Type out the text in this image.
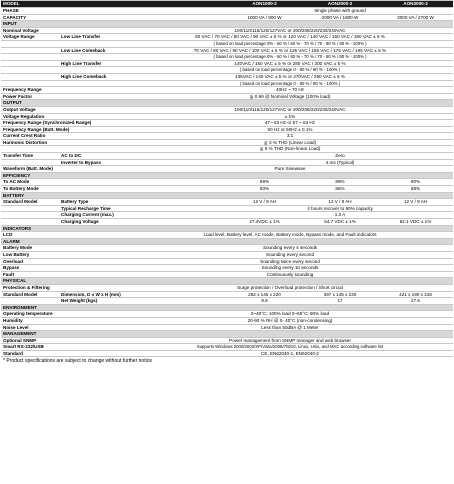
MODEL			AON1000-2	AON2000-2	AON3000-2
PHASE			Single phase with ground		
CAPACITY			1000 VA / 900 W	2000 VA / 1800 W	3000 VA / 2700 W
INPUT					
Nominal Voltage		100/110/115/120/127VAC or 200/208/220/230/240VAC			
Voltage Range	Low Line Transfer	60 VAC / 70 VAC / 80 VAC / 90 VAC ± 5 % or 120 VAC / 140 VAC / 160 VAC / 180 VAC ± 5 %			
		( based on load percentage 0% - 60 % / 60 % - 70 % / 70 - 80 % / 80 % - 100% )			
	Low Line Comeback	70 VAC / 80 VAC / 90 VAC / 100 VAC ± 5 % or 135 VAC / 155 VAC / 175 VAC / 195 VAC ± 5 %			
		( based on load percentage 0% - 60 % / 60 % - 70 % / 70 - 80 % / 80 % - 100% )			
	High Line Transfer	140VAC / 150 VAC ± 5 % or 280 VAC / 300 VAC ± 5 %			
		( based on load percentage 0 - 80 % / 80 % - 100% )			
	High Line Comeback	135VAC / 140 VAC ± 5 % or 270VAC / 290 VAC ± 5 %			
		( based on load percentage 0 - 80 % / 80 % - 100% )			
Frequency Range		40Hz ~ 70 Hz			
Power Factor		≧ 0.99 @ Nominal Voltage (100% load)			
OUTPUT					
Output Voltage		100/110/115/120/127VAC or 200/208/220/230/240VAC			
Voltage Regulation		± 1%			
Frequency Range (Synchronized Range)		47~ 53 Hz or 57 ~ 63 Hz			
Frequency Range (Batt. Mode)		50 Hz or 60Hz ± 0.1%			
Current Crest Ratio		3:1			
Harmonic Distortion		≦ 3 % THD (Linear Load)			
		≦ 6 % THD (Non-linear Load)			
Transfer Time	AC to DC		Zero		
	Inverter to Bypass		4 ms (Typical)		
Waveform (Batt. Mode)		Pure Sinewave			
EFFICIENCY					
To AC Mode			88%	89%	90%
To Battery Mode			83%	85%	88%
BATTERY					
Standard Model	Battery Type		12 V / 9 AH	12 V / 9 AH	12 V / 9 AH
	Typical Recharge Time		4 hours recover to 90% capacity		
	Charging Current (max.)		1.0 A		
	Charging Voltage		27.4VDC ± 1%	54.7 VDC ± 1%	82.1 VDC ± 1%
INDICATORS					
LCD		Load level, Battery level, AC mode, Battery mode, Bypass mode, and Fault indicators			
ALARM					
Battery Mode		Sounding every 4 seconds			
Low Battery		Sounding every second			
Overload		Sounding twice every second			
Bypass		Sounding every 10 seconds			
Fault		Continuously sounding			
PHYSICAL					
Protection & Filtering		Surge protection / Overload protection / Short circuit			
Standard Model	Dimension, D x W x H (mm)		282 x 145 x 220	397 x 145 x 220	421 x 190 x 318
	Net Weight (kgs)		9.8	17	27.6
ENVIRONMENT					
Operating temperature		0~40°C; 100% load 0~55°C; 80% load			
Humidity		20-90 % RH @ 0- 40°C (non-condensing)			
Noise Level		Less than 50dBA @ 1 Meter			
MANAGEMENT					
Optional SNMP		Power management from SNMP manager and web browser			
Smart RS-232/USB		Supports Windows 2000/2003/XP/Vista/2008/7/8/10, Linux, Unix, and MAC according software list			
Standard		CE, EN62040-1, EN62040-2			
* Product specifications are subject to change without further notice
